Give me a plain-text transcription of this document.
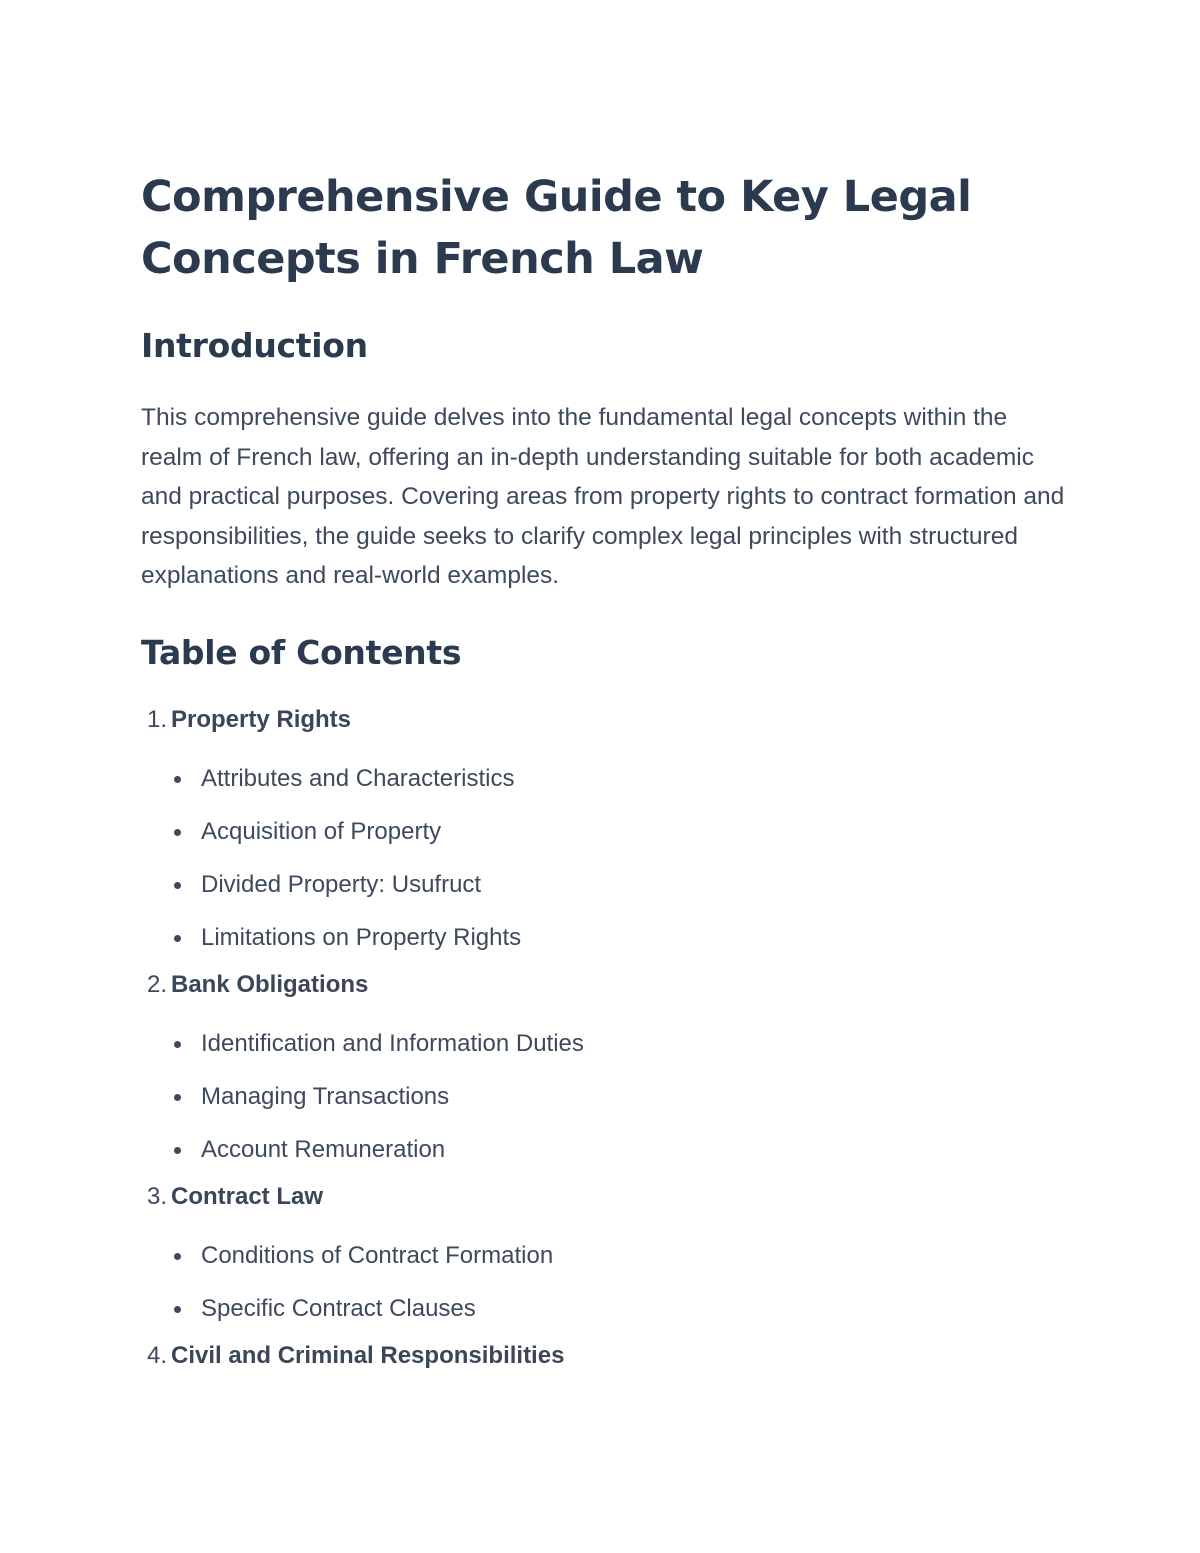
Comprehensive Guide to Key Legal Concepts in French Law
Introduction

This comprehensive guide delves into the fundamental legal concepts within the realm of French law, offering an in-depth understanding suitable for both academic and practical purposes. Covering areas from property rights to contract formation and responsibilities, the guide seeks to clarify complex legal principles with structured explanations and real-world examples.

Table of Contents
1. Property Rights
Attributes and Characteristics
Acquisition of Property
Divided Property: Usufruct
Limitations on Property Rights
2. Bank Obligations
Identification and Information Duties
Managing Transactions
Account Remuneration
3. Contract Law
Conditions of Contract Formation
Specific Contract Clauses
4. Civil and Criminal Responsibilities
